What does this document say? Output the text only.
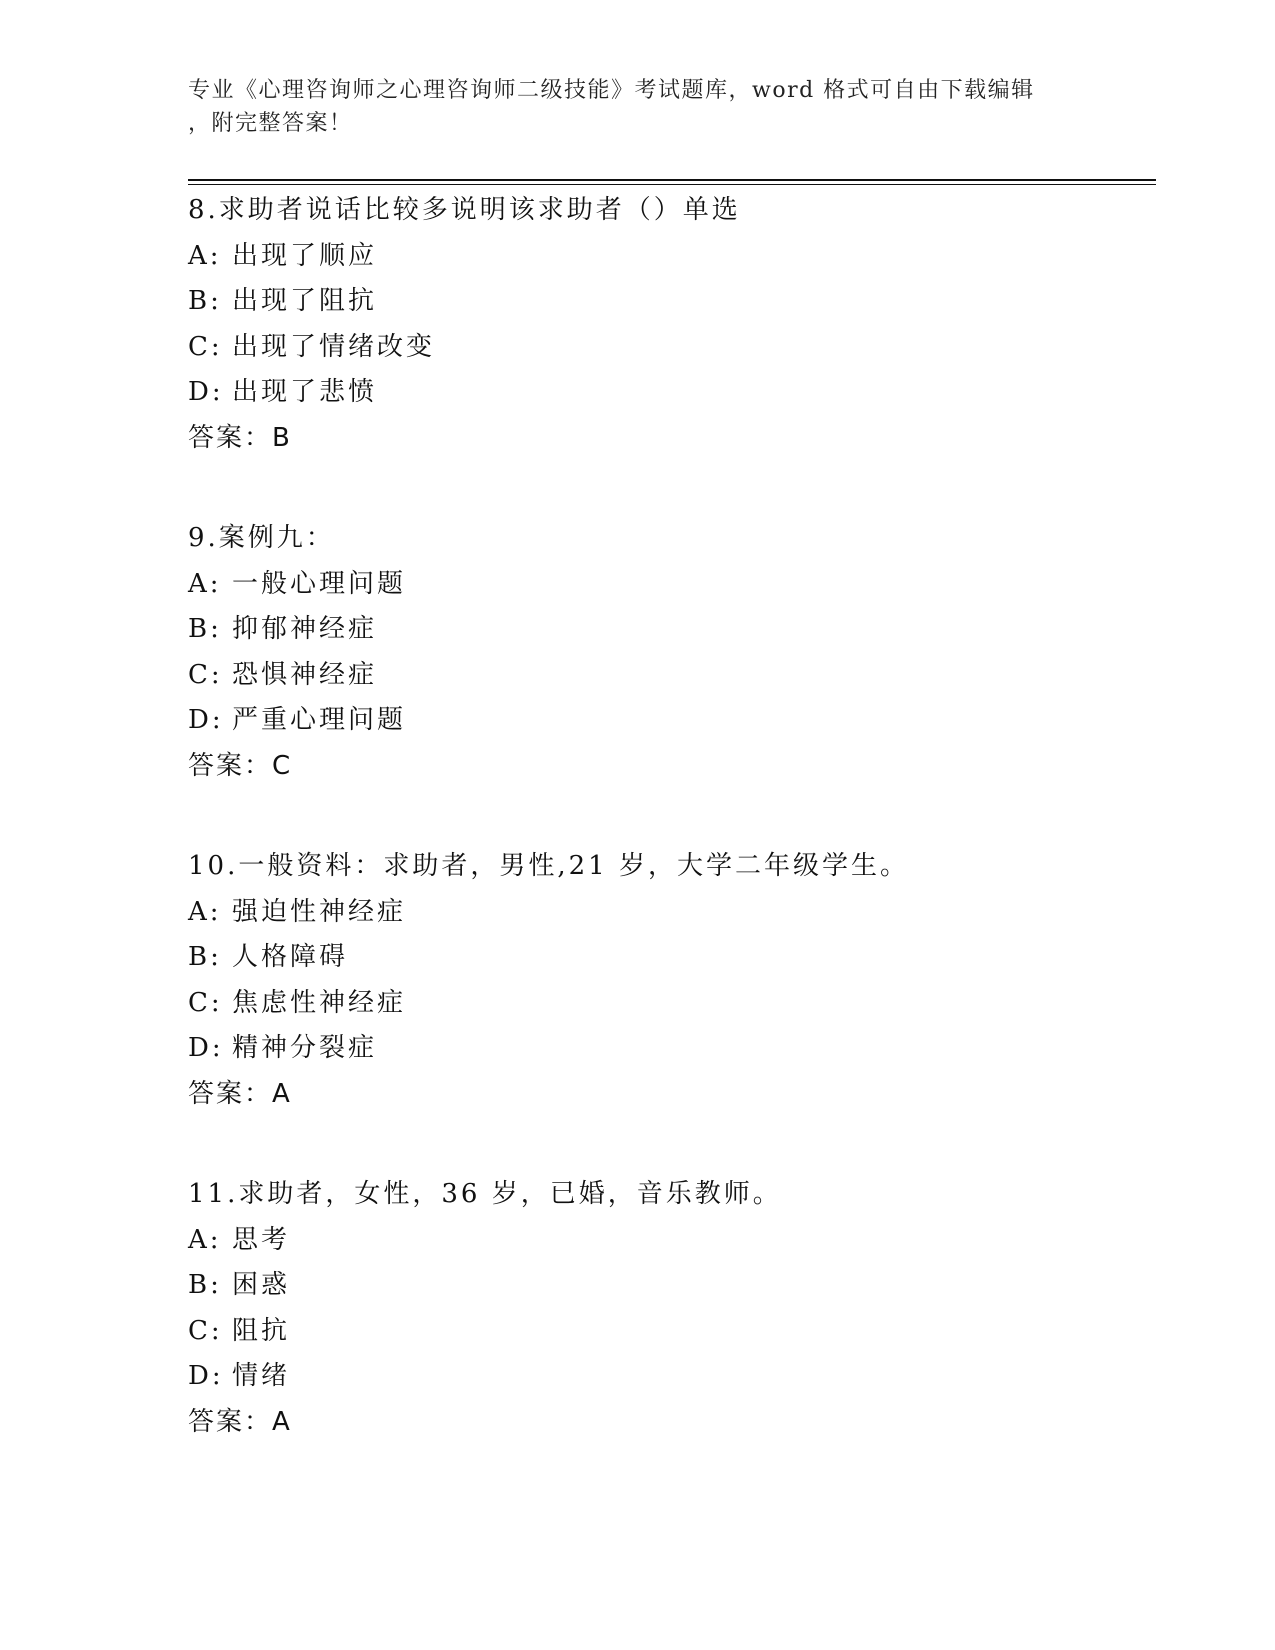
专业《心理咨询师之心理咨询师二级技能》考试题库，word 格式可自由下载编辑
，附完整答案！
8.求助者说话比较多说明该求助者（）单选
A: 出现了顺应
B: 出现了阻抗
C: 出现了情绪改变
D: 出现了悲愤
答案：B
9.案例九：
A: 一般心理问题
B: 抑郁神经症
C: 恐惧神经症
D: 严重心理问题
答案：C
10.一般资料：求助者，男性,21 岁，大学二年级学生。
A: 强迫性神经症
B: 人格障碍
C: 焦虑性神经症
D: 精神分裂症
答案：A
11.求助者，女性，36 岁，已婚，音乐教师。
A: 思考
B: 困惑
C: 阻抗
D: 情绪
答案：A
